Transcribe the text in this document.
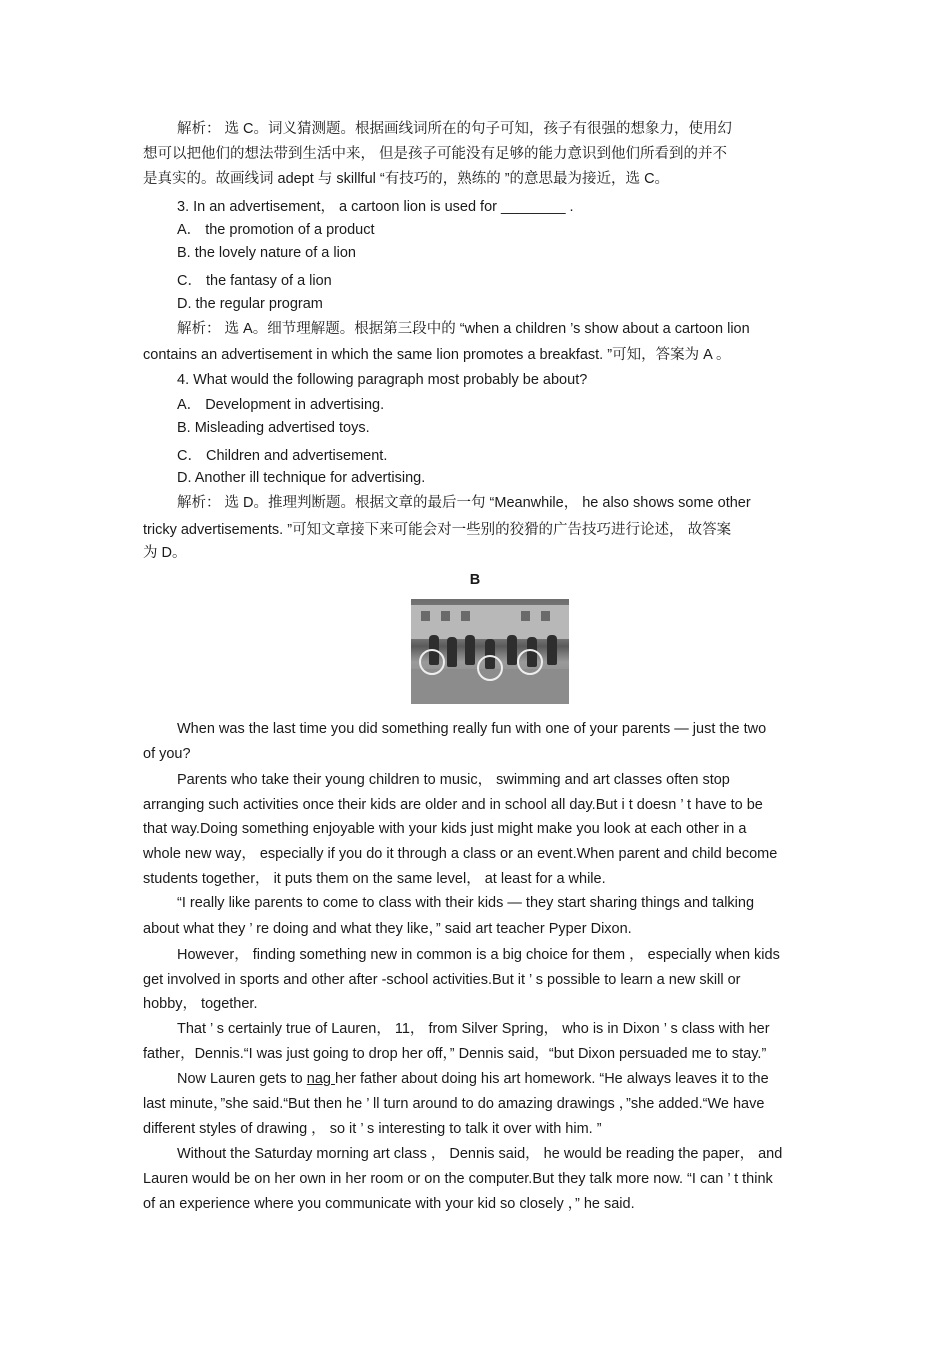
解析： 选 C。词义猜测题。根据画线词所在的句子可知，孩子有很强的想象力，使用幻
想可以把他们的想法带到生活中来， 但是孩子可能没有足够的能力意识到他们所看到的并不
是真实的。故画线词 adept 与 skillful “有技巧的，熟练的 ”的意思最为接近，选 C。
3. In an advertisement， a cartoon lion is used for ________ .
A． the promotion of a product
B. the lovely nature of a lion
C． the fantasy of a lion
D. the regular program
解析： 选 A。细节理解题。根据第三段中的 “when a children ’s show about a cartoon lion
contains an advertisement in which the same lion promotes a breakfast. ”可知，答案为 A 。
4. What would the following paragraph most probably be about?
A． Development in advertising.
B. Misleading advertised toys.
C． Children and advertisement.
D. Another ill technique for advertising.
解析： 选 D。推理判断题。根据文章的最后一句 “Meanwhile， he also shows some other
tricky advertisements. ”可知文章接下来可能会对一些别的狡猾的广告技巧进行论述， 故答案
为 D。
B
When was the last time you did something really fun with one of your parents — just the two
of you?
Parents who take their young children to music， swimming and art classes often stop
arranging such activities once their kids are older and in school all day.But i t doesn ’ t have to be
that way.Doing something enjoyable with your kids just might make you look at each other in a
whole new way， especially if you do it through a class or an event.When parent and child become
students together， it puts them on the same level， at least for a while.
“I really like parents to come to class with their kids — they start sharing things and talking
about what they ’ re doing and what they like，” said art teacher Pyper Dixon.
However， finding something new in common is a big choice for them ， especially when kids
get involved in sports and other after -school activities.But it ’ s possible to learn a new skill or
hobby， together.
That ’ s certainly true of Lauren， 11， from Silver Spring， who is in Dixon ’ s class with her
father，Dennis.“I was just going to drop her off，” Dennis said，“but Dixon persuaded me to stay.”
Now Lauren gets to nag her father about doing his art homework. “He always leaves it to the
last minute，”she said.“But then he ’ ll turn around to do amazing drawings ，”she added.“We have
different styles of drawing ， so it ’ s interesting to talk it over with him. ”
Without the Saturday morning art class ， Dennis said， he would be reading the paper， and
Lauren would be on her own in her room or on the computer.But they talk more now. “I can ’ t think
of an experience where you communicate with your kid so closely ，” he said.
